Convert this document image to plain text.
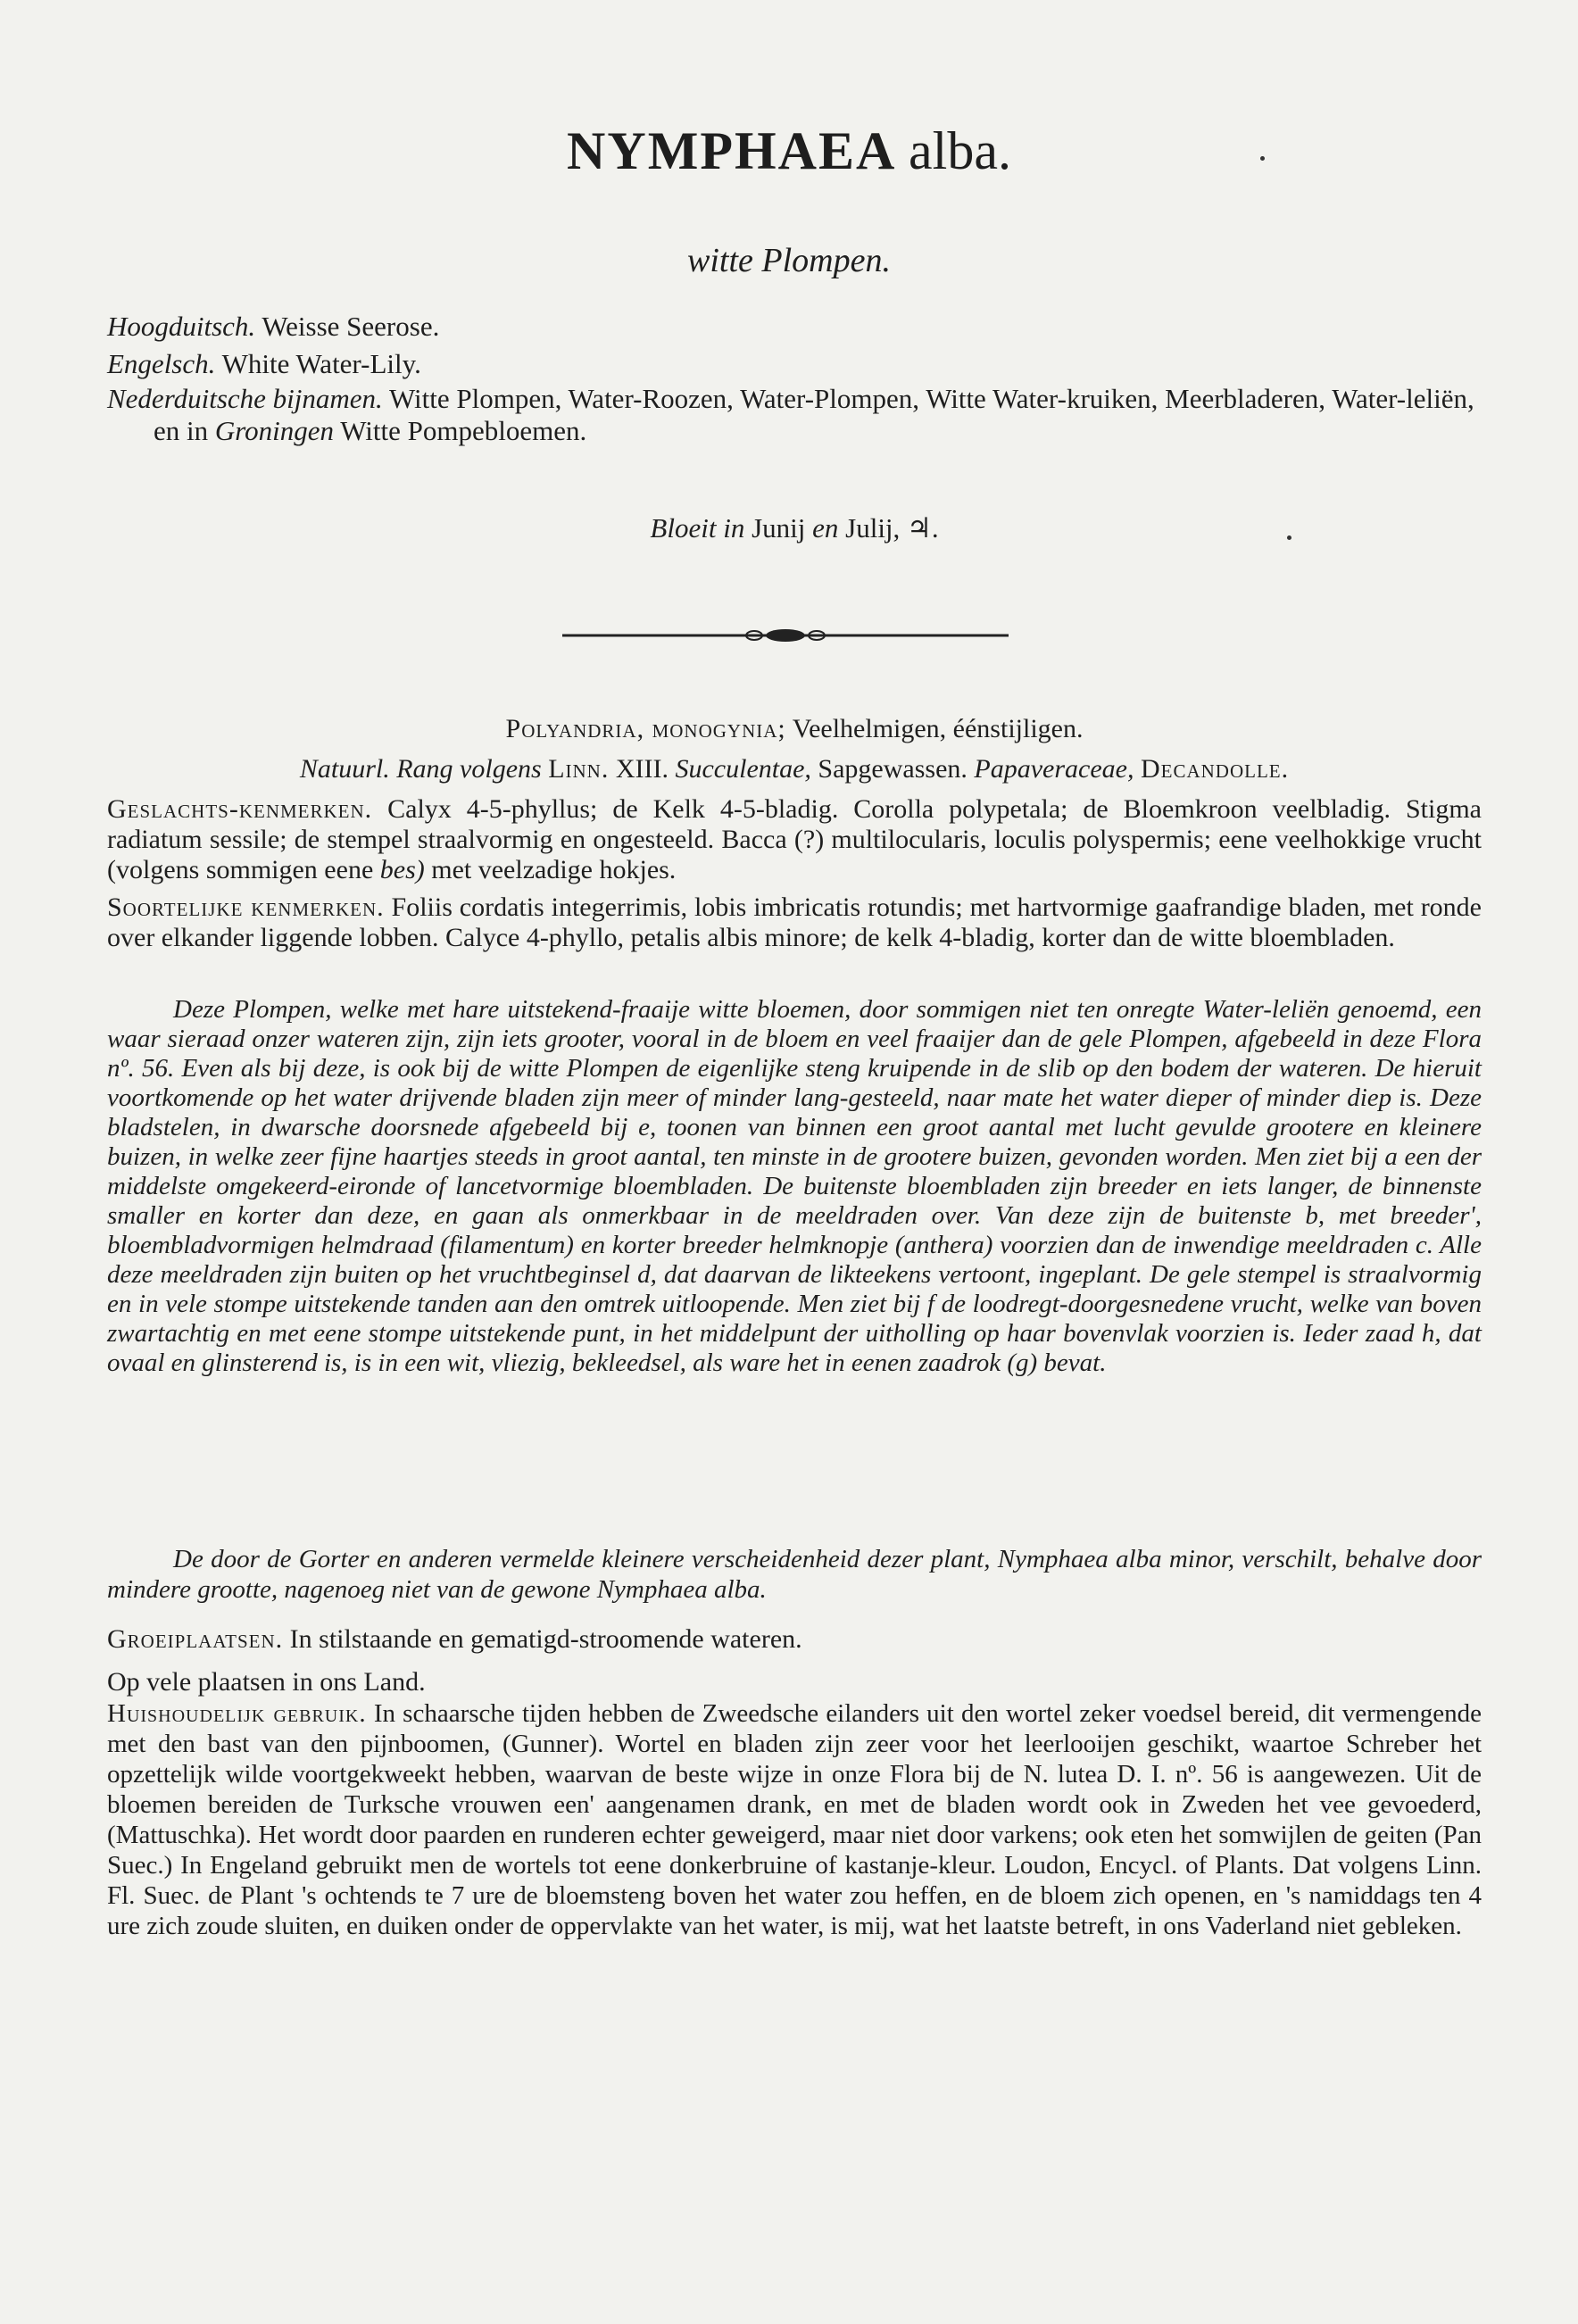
NYMPHAEA alba.
witte Plompen.
Hoogduitsch. Weisse Seerose.
Engelsch. White Water-Lily.
Nederduitsche bijnamen. Witte Plompen, Water-Roozen, Water-Plompen, Witte Water-kruiken, Meerbladeren, Water-leliën, en in Groningen Witte Pompebloemen.
Bloeit in Junij en Julij, ♃.
Polyandria, monogynia; Veelhelmigen, éénstijligen.
Natuurl. Rang volgens Linn. XIII. Succulentae, Sapgewassen. Papaveraceae, Decandolle.
Geslachts-kenmerken. Calyx 4-5-phyllus; de Kelk 4-5-bladig. Corolla polypetala; de Bloemkroon veelbladig. Stigma radiatum sessile; de stempel straalvormig en ongesteeld. Bacca (?) multilocularis, loculis polyspermis; eene veelhokkige vrucht (volgens sommigen eene bes) met veelzadige hokjes.
Soortelijke kenmerken. Foliis cordatis integerrimis, lobis imbricatis rotundis; met hartvormige gaafrandige bladen, met ronde over elkander liggende lobben. Calyce 4-phyllo, petalis albis minore; de kelk 4-bladig, korter dan de witte bloembladen.
Deze Plompen, welke met hare uitstekend-fraaije witte bloemen, door sommigen niet ten onregte Water-leliën genoemd, een waar sieraad onzer wateren zijn, zijn iets grooter, vooral in de bloem en veel fraaijer dan de gele Plompen, afgebeeld in deze Flora nº. 56. Even als bij deze, is ook bij de witte Plompen de eigenlijke steng kruipende in de slib op den bodem der wateren. De hieruit voortkomende op het water drijvende bladen zijn meer of minder lang-gesteeld, naar mate het water dieper of minder diep is. Deze bladstelen, in dwarsche doorsnede afgebeeld bij e, toonen van binnen een groot aantal met lucht gevulde grootere en kleinere buizen, in welke zeer fijne haartjes steeds in groot aantal, ten minste in de grootere buizen, gevonden worden. Men ziet bij a een der middelste omgekeerd-eironde of lancetvormige bloembladen. De buitenste bloembladen zijn breeder en iets langer, de binnenste smaller en korter dan deze, en gaan als onmerkbaar in de meeldraden over. Van deze zijn de buitenste b, met breeder', bloembladvormigen helmdraad (filamentum) en korter breeder helmknopje (anthera) voorzien dan de inwendige meeldraden c. Alle deze meeldraden zijn buiten op het vruchtbeginsel d, dat daarvan de likteekens vertoont, ingeplant. De gele stempel is straalvormig en in vele stompe uitstekende tanden aan den omtrek uitloopende. Men ziet bij f de loodregt-doorgesnedene vrucht, welke van boven zwartachtig en met eene stompe uitstekende punt, in het middelpunt der uitholling op haar bovenvlak voorzien is. Ieder zaad h, dat ovaal en glinsterend is, is in een wit, vliezig, bekleedsel, als ware het in eenen zaadrok (g) bevat.
De door de Gorter en anderen vermelde kleinere verscheidenheid dezer plant, Nymphaea alba minor, verschilt, behalve door mindere grootte, nagenoeg niet van de gewone Nymphaea alba.
Groeiplaatsen. In stilstaande en gematigd-stroomende wateren.
Op vele plaatsen in ons Land.
Huishoudelijk gebruik. In schaarsche tijden hebben de Zweedsche eilanders uit den wortel zeker voedsel bereid, dit vermengende met den bast van den pijnboomen, (Gunner). Wortel en bladen zijn zeer voor het leerlooijen geschikt, waartoe Schreber het opzettelijk wilde voortgekweekt hebben, waarvan de beste wijze in onze Flora bij de N. lutea D. I. nº. 56 is aangewezen. Uit de bloemen bereiden de Turksche vrouwen een' aangenamen drank, en met de bladen wordt ook in Zweden het vee gevoederd, (Mattuschka). Het wordt door paarden en runderen echter geweigerd, maar niet door varkens; ook eten het somwijlen de geiten (Pan Suec.) In Engeland gebruikt men de wortels tot eene donkerbruine of kastanje-kleur. Loudon, Encycl. of Plants. Dat volgens Linn. Fl. Suec. de Plant 's ochtends te 7 ure de bloemsteng boven het water zou heffen, en de bloem zich openen, en 's namiddags ten 4 ure zich zoude sluiten, en duiken onder de oppervlakte van het water, is mij, wat het laatste betreft, in ons Vaderland niet gebleken.
